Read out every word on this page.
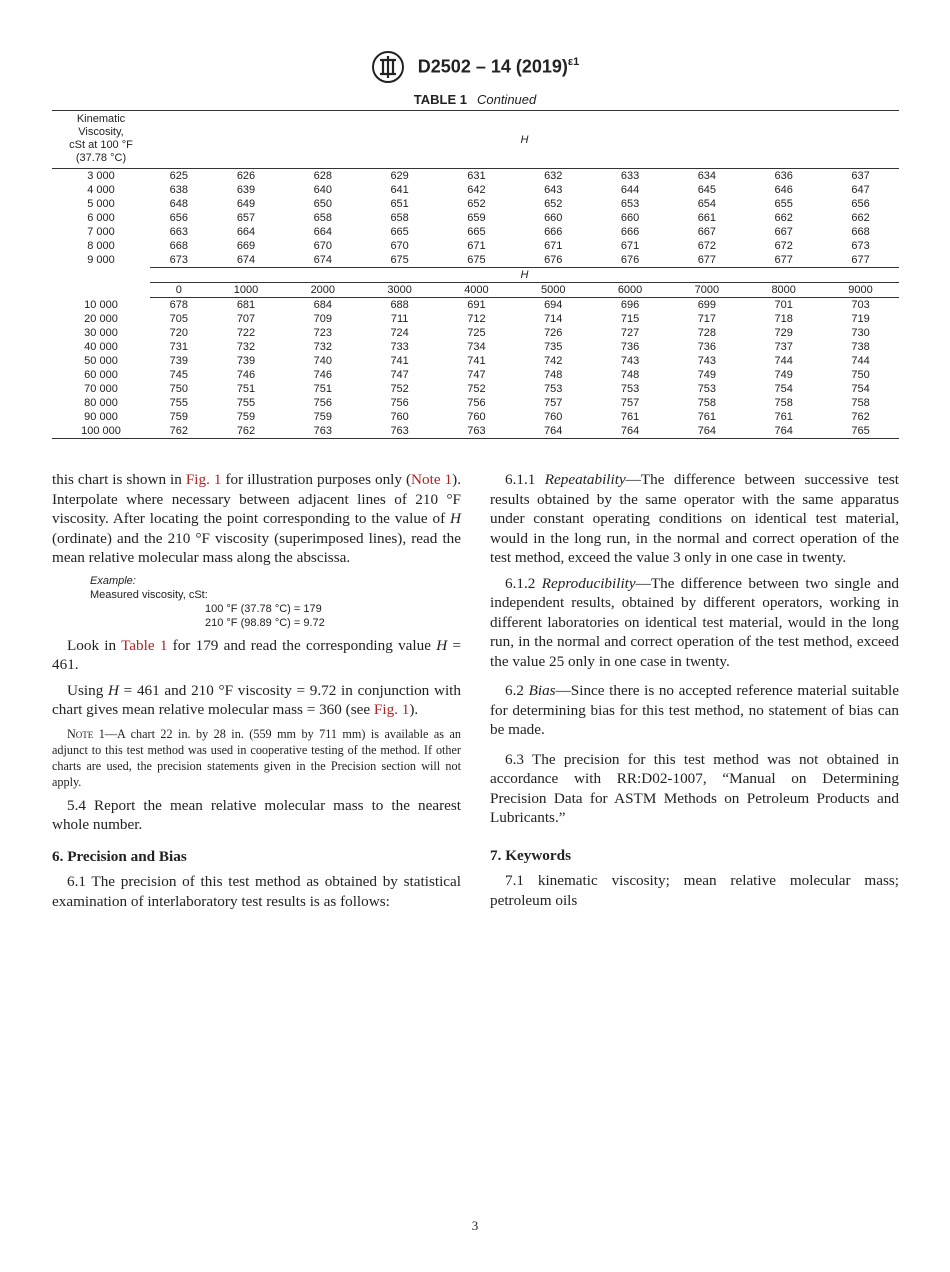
D2502 – 14 $(2019)^{\varepsilon 1}$
TABLE 1 Continued
Kinematic
Viscosity,
cSt at 100 °F
(37.78 °C)	H									
3 000	625	626	628	629	631	632	633	634	636	637
4 000	638	639	640	641	642	643	644	645	646	647
5 000	648	649	650	651	652	652	653	654	655	656
6 000	656	657	658	658	659	660	660	661	662	662
7 000	663	664	664	665	665	666	666	667	667	668
8 000	668	669	670	670	671	671	671	672	672	673
9 000	673	674	674	675	675	676	676	677	677	677
	H									
	0	1000	2000	3000	4000	5000	6000	7000	8000	9000
10 000	678	681	684	688	691	694	696	699	701	703
20 000	705	707	709	711	712	714	715	717	718	719
30 000	720	722	723	724	725	726	727	728	729	730
40 000	731	732	732	733	734	735	736	736	737	738
50 000	739	739	740	741	741	742	743	743	744	744
60 000	745	746	746	747	747	748	748	749	749	750
70 000	750	751	751	752	752	753	753	753	754	754
80 000	755	755	756	756	756	757	757	758	758	758
90 000	759	759	759	760	760	760	761	761	761	762
100 000	762	762	763	763	763	764	764	764	764	765

this chart is shown in Fig. 1 for illustration purposes only (Note 1). Interpolate where necessary between adjacent lines of 210 °F viscosity. After locating the point corresponding to the value of H (ordinate) and the 210 °F viscosity (superimposed lines), read the mean relative molecular mass along the abscissa.

Example:
Measured viscosity, cSt:
100 °F (37.78 °C) = 179
210 °F (98.89 °C) = 9.72

Look in Table 1 for 179 and read the corresponding value H = 461.

Using H = 461 and 210 °F viscosity = 9.72 in conjunction with chart gives mean relative molecular mass = 360 (see Fig. 1).

Note 1—A chart 22 in. by 28 in. (559 mm by 711 mm) is available as an adjunct to this test method was used in cooperative testing of the method. If other charts are used, the precision statements given in the Precision section will not apply.

5.4 Report the mean relative molecular mass to the nearest whole number.

6. Precision and Bias

6.1 The precision of this test method as obtained by statistical examination of interlaboratory test results is as follows:

6.1.1 Repeatability—The difference between successive test results obtained by the same operator with the same apparatus under constant operating conditions on identical test material, would in the long run, in the normal and correct operation of the test method, exceed the value 3 only in one case in twenty.

6.1.2 Reproducibility—The difference between two single and independent results, obtained by different operators, working in different laboratories on identical test material, would in the long run, in the normal and correct operation of the test method, exceed the value 25 only in one case in twenty.

6.2 Bias—Since there is no accepted reference material suitable for determining bias for this test method, no statement of bias can be made.

6.3 The precision for this test method was not obtained in accordance with RR:D02-1007, “Manual on Determining Precision Data for ASTM Methods on Petroleum Products and Lubricants.”

7. Keywords

7.1 kinematic viscosity; mean relative molecular mass; petroleum oils

3
